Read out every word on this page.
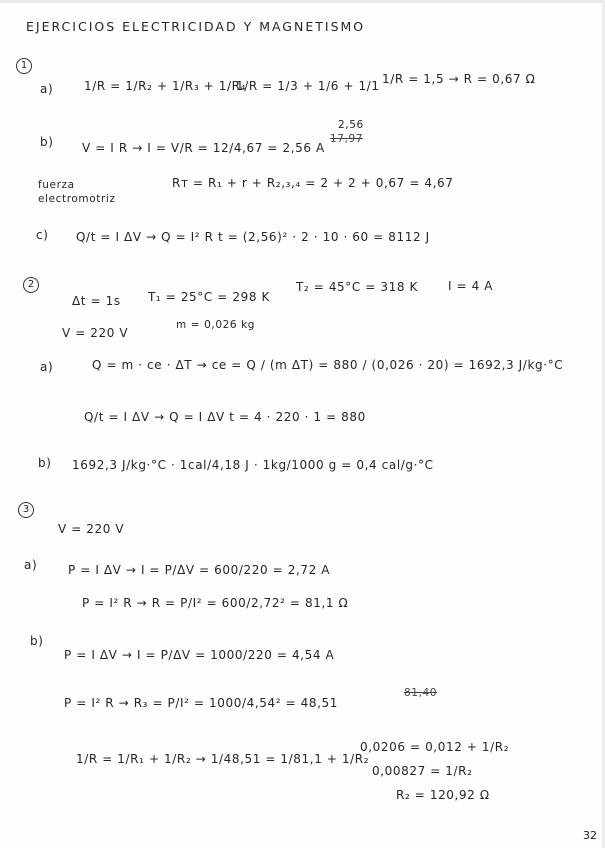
EJERCICIOS ELECTRICIDAD Y MAGNETISMO
1
a)	1/R = 1/R₂ + 1/R₃ + 1/R₄
1/R = 1/3 + 1/6 + 1/1 1/R = 1,5 → R = 0,67 Ω
2,56
17,97
b) V = I R → I = V/R = 12/4,67 = 2,56 A
fuerza electromotriz
Rᴛ = R₁ + r + R₂,₃,₄ = 2 + 2 + 0,67 = 4,67
c) Q/t = I ΔV → Q = I² R t = (2,56)² · 2 · 10 · 60 = 8112 J
2
Δt = 1s T₁ = 25°C = 298 K
T₂ = 45°C = 318 K	I = 4 A
V = 220 V
m = 0,026 kg
a)	Q = m · ce · ΔT → ce = Q / (m ΔT) = 880 / (0,026 · 20) = 1692,3 J/kg·°C
Q/t = I ΔV → Q = I ΔV t = 4 · 220 · 1 = 880
b) 1692,3 J/kg·°C · 1cal/4,18 J · 1kg/1000 g = 0,4 cal/g·°C
3
V = 220 V
a)	P = I ΔV → I = P/ΔV = 600/220 = 2,72 A
P = I² R → R = P/I² = 600/2,72² = 81,1 Ω
b)
P = I ΔV → I = P/ΔV = 1000/220 = 4,54 A
P = I² R → R₃ = P/I² = 1000/4,54² = 48,51
81,40
1/R = 1/R₁ + 1/R₂ → 1/48,51 = 1/81,1 + 1/R₂
0,0206 = 0,012 + 1/R₂
0,00827 = 1/R₂
R₂ = 120,92 Ω
32
